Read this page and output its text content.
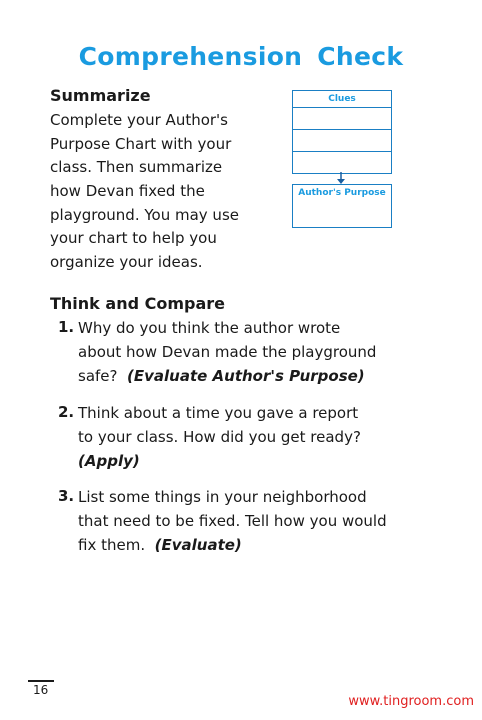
Comprehension Check
Summarize
Complete your Author's
Purpose Chart with your
class. Then summarize
how Devan fixed the
playground. You may use
your chart to help you
organize your ideas.
Clues
Author's Purpose
Think and Compare
1. Why do you think the author wrote
about how Devan made the playground
safe? (Evaluate Author's Purpose)
2. Think about a time you gave a report
to your class. How did you get ready?
(Apply)
3. List some things in your neighborhood
that need to be fixed. Tell how you would
fix them. (Evaluate)
16
www.tingroom.com
